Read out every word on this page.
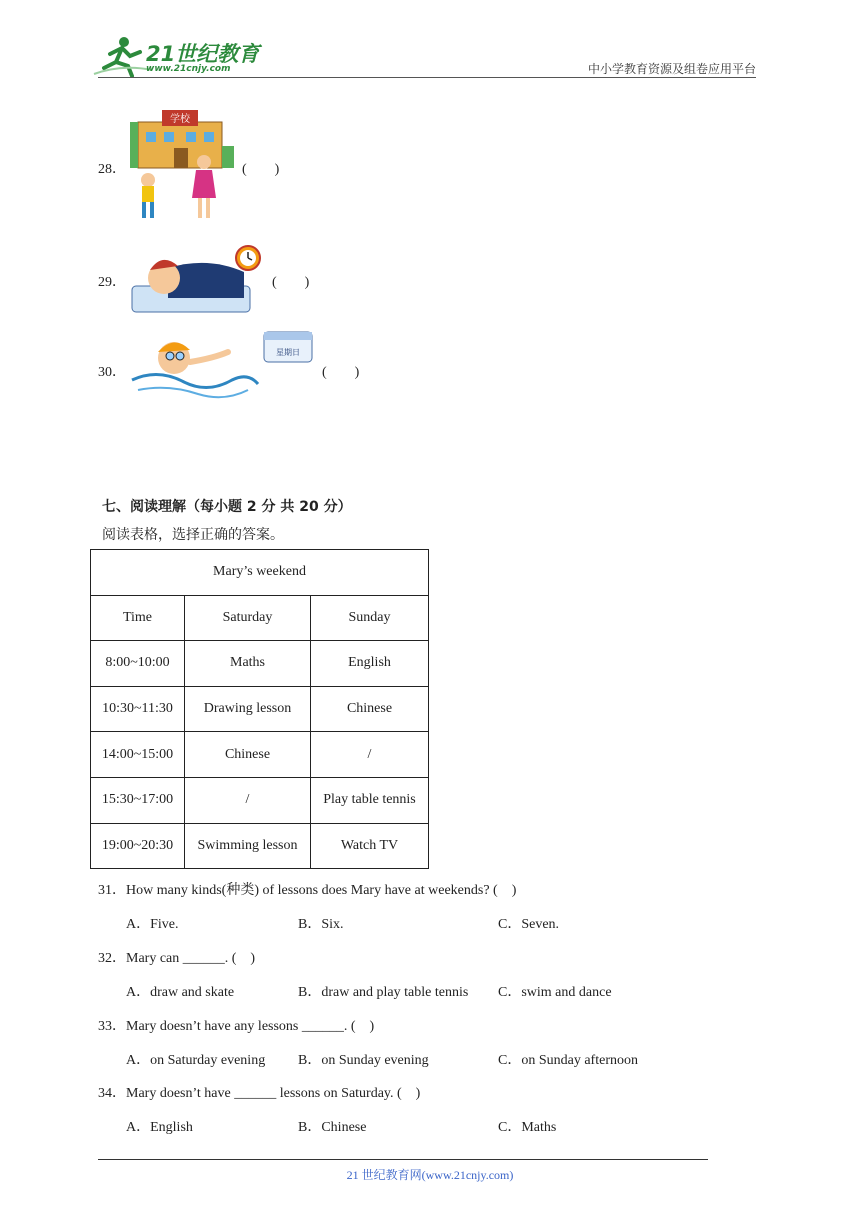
21世纪教育
www.21cnjy.com	中小学教育资源及组卷应用平台
28．
学校
(　　)
29．	(　　)
30．
星期日
(　　)
七、阅读理解（每小题 2 分 共 20 分）
阅读表格，选择正确的答案。
Mary’s weekend		
Time	Saturday	Sunday
8:00~10:00	Maths	English
10:30~11:30	Drawing lesson	Chinese
14:00~15:00	Chinese	/
15:30~17:00	/	Play table tennis
19:00~20:30	Swimming lesson	Watch TV
31．How many kinds(种类) of lessons does Mary have at weekends? (　)
A．Five.	B．Six.	C．Seven.
32．Mary can ______. (　)
A．draw and skate	B．draw and play table tennis C．swim and dance
33．Mary doesn’t have any lessons ______. (　)
A．on Saturday evening B．on Sunday evening	C．on Sunday afternoon
34．Mary doesn’t have ______ lessons on Saturday. (　)
A．English	B．Chinese	C．Maths
21 世纪教育网(www.21cnjy.com)
